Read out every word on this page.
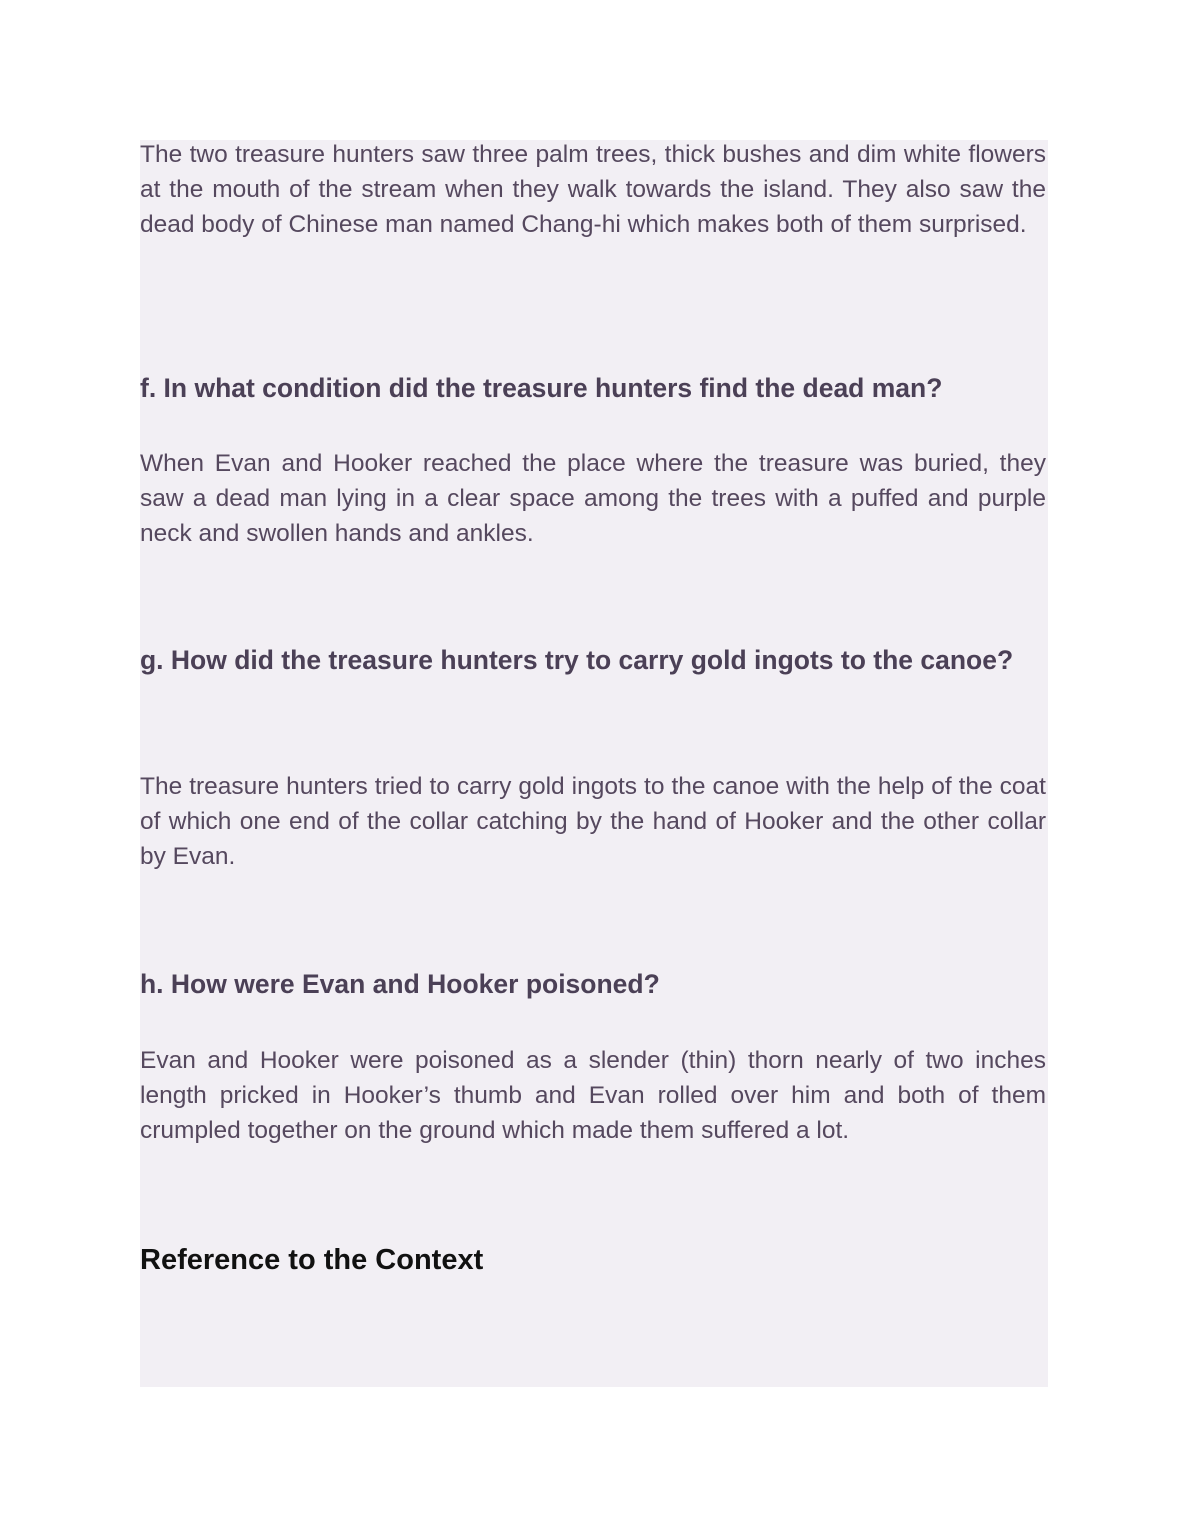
The two treasure hunters saw three palm trees, thick bushes and dim white flowers at the mouth of the stream when they walk towards the island. They also saw the dead body of Chinese man named Chang-hi which makes both of them surprised.

f. In what condition did the treasure hunters find the dead man?

When Evan and Hooker reached the place where the treasure was buried, they saw a dead man lying in a clear space among the trees with a puffed and purple neck and swollen hands and ankles.

g. How did the treasure hunters try to carry gold ingots to the canoe?

The treasure hunters tried to carry gold ingots to the canoe with the help of the coat of which one end of the collar catching by the hand of Hooker and the other collar by Evan.

h. How were Evan and Hooker poisoned?

Evan and Hooker were poisoned as a slender (thin) thorn nearly of two inches length pricked in Hooker’s thumb and Evan rolled over him and both of them crumpled together on the ground which made them suffered a lot.

Reference to the Context
